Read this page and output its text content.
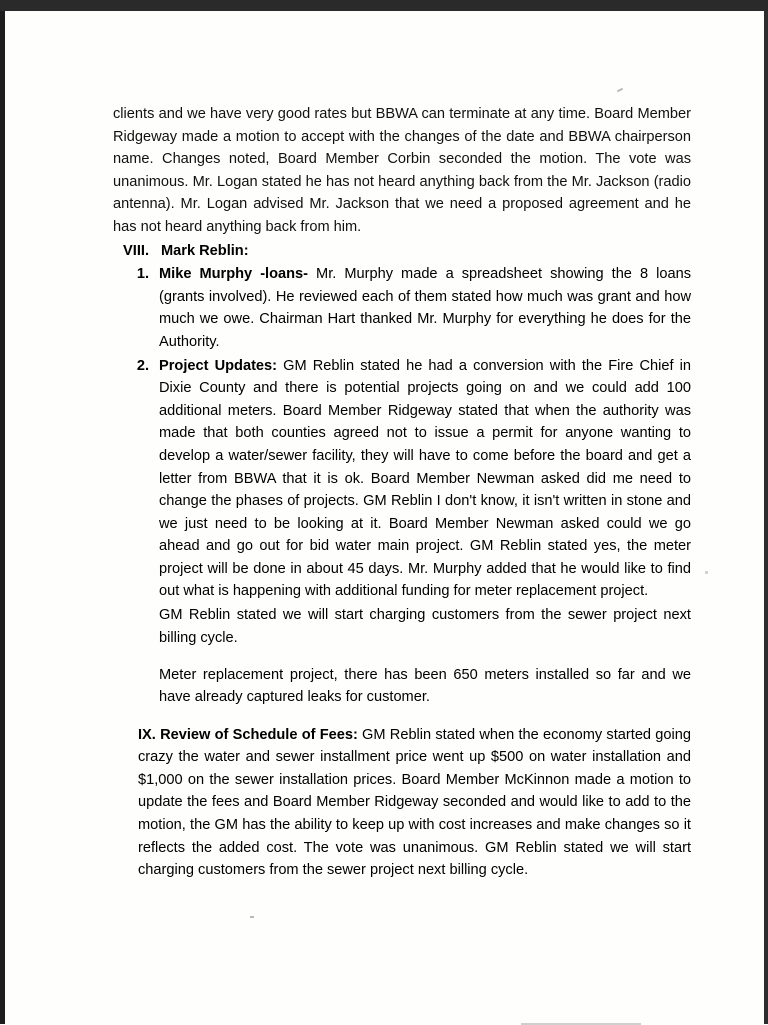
clients and we have very good rates but BBWA can terminate at any time. Board Member Ridgeway made a motion to accept with the changes of the date and BBWA chairperson name. Changes noted, Board Member Corbin seconded the motion. The vote was unanimous. Mr. Logan stated he has not heard anything back from the Mr. Jackson (radio antenna). Mr. Logan advised Mr. Jackson that we need a proposed agreement and he has not heard anything back from him.

VIII. Mark Reblin:
1. Mike Murphy -loans- Mr. Murphy made a spreadsheet showing the 8 loans (grants involved). He reviewed each of them stated how much was grant and how much we owe. Chairman Hart thanked Mr. Murphy for everything he does for the Authority.
2. Project Updates: GM Reblin stated he had a conversion with the Fire Chief in Dixie County and there is potential projects going on and we could add 100 additional meters. Board Member Ridgeway stated that when the authority was made that both counties agreed not to issue a permit for anyone wanting to develop a water/sewer facility, they will have to come before the board and get a letter from BBWA that it is ok. Board Member Newman asked did me need to change the phases of projects. GM Reblin I don't know, it isn't written in stone and we just need to be looking at it. Board Member Newman asked could we go ahead and go out for bid water main project. GM Reblin stated yes, the meter project will be done in about 45 days. Mr. Murphy added that he would like to find out what is happening with additional funding for meter replacement project.

GM Reblin stated we will start charging customers from the sewer project next billing cycle.

Meter replacement project, there has been 650 meters installed so far and we have already captured leaks for customer.

IX. Review of Schedule of Fees: GM Reblin stated when the economy started going crazy the water and sewer installment price went up $500 on water installation and $1,000 on the sewer installation prices. Board Member McKinnon made a motion to update the fees and Board Member Ridgeway seconded and would like to add to the motion, the GM has the ability to keep up with cost increases and make changes so it reflects the added cost. The vote was unanimous. GM Reblin stated we will start charging customers from the sewer project next billing cycle.
